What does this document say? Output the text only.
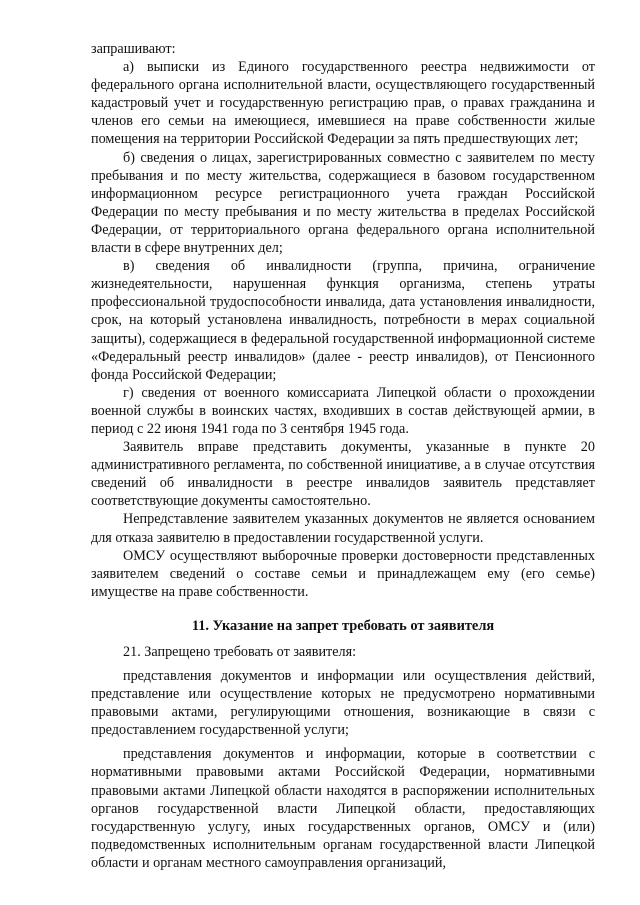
запрашивают:

а) выписки из Единого государственного реестра недвижимости от федерального органа исполнительной власти, осуществляющего государственный кадастровый учет и государственную регистрацию прав, о правах гражданина и членов его семьи на имеющиеся, имевшиеся на праве собственности жилые помещения на территории Российской Федерации за пять предшествующих лет;

б) сведения о лицах, зарегистрированных совместно с заявителем по месту пребывания и по месту жительства, содержащиеся в базовом государственном информационном ресурсе регистрационного учета граждан Российской Федерации по месту пребывания и по месту жительства в пределах Российской Федерации, от территориального органа федерального органа исполнительной власти в сфере внутренних дел;

в) сведения об инвалидности (группа, причина, ограничение жизнедеятельности, нарушенная функция организма, степень утраты профессиональной трудоспособности инвалида, дата установления инвалидности, срок, на который установлена инвалидность, потребности в мерах социальной защиты), содержащиеся в федеральной государственной информационной системе «Федеральный реестр инвалидов» (далее - реестр инвалидов), от Пенсионного фонда Российской Федерации;

г) сведения от военного комиссариата Липецкой области о прохождении военной службы в воинских частях, входивших в состав действующей армии, в период с 22 июня 1941 года по 3 сентября 1945 года.

Заявитель вправе представить документы, указанные в пункте 20 административного регламента, по собственной инициативе, а в случае отсутствия сведений об инвалидности в реестре инвалидов заявитель представляет соответствующие документы самостоятельно.

Непредставление заявителем указанных документов не является основанием для отказа заявителю в предоставлении государственной услуги.

ОМСУ осуществляют выборочные проверки достоверности представленных заявителем сведений о составе семьи и принадлежащем ему (его семье) имуществе на праве собственности.

11. Указание на запрет требовать от заявителя

21. Запрещено требовать от заявителя:

представления документов и информации или осуществления действий, представление или осуществление которых не предусмотрено нормативными правовыми актами, регулирующими отношения, возникающие в связи с предоставлением государственной услуги;

представления документов и информации, которые в соответствии с нормативными правовыми актами Российской Федерации, нормативными правовыми актами Липецкой области находятся в распоряжении исполнительных органов государственной власти Липецкой области, предоставляющих государственную услугу, иных государственных органов, ОМСУ и (или) подведомственных исполнительным органам государственной власти Липецкой области и органам местного самоуправления организаций,
